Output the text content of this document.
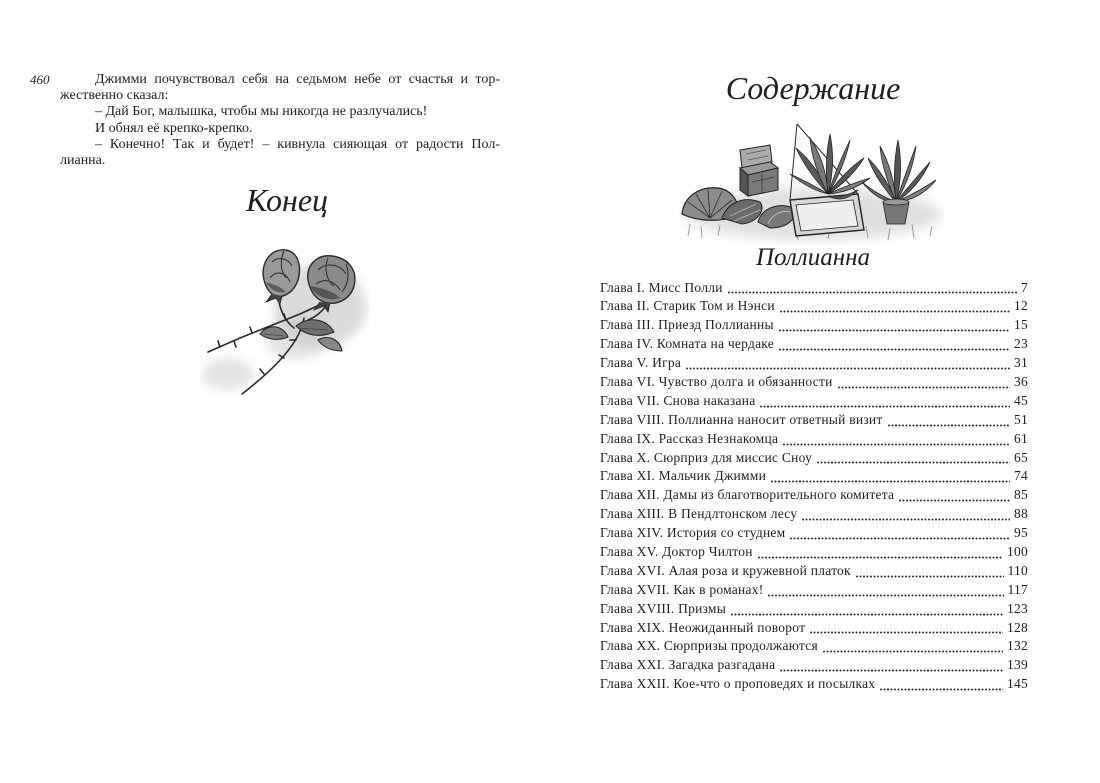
460	Джимми почувствовал себя на седьмом небе от счастья и тор-
жественно сказал:
– Дай Бог, малышка, чтобы мы никогда не разлучались!
И обнял её крепко-крепко.
– Конечно! Так и будет! – кивнула сияющая от радости Пол-
лианна.
Конец
Содержание
Поллианна
Глава I. Мисс Полли	7
Глава II. Старик Том и Нэнси	12
Глава III. Приезд Поллианны	15
Глава IV. Комната на чердаке	23
Глава V. Игра	31
Глава VI. Чувство долга и обязанности	36
Глава VII. Снова наказана	45
Глава VIII. Поллианна наносит ответный визит	51
Глава IX. Рассказ Незнакомца	61
Глава X. Сюрприз для миссис Сноу	65
Глава XI. Мальчик Джимми	74
Глава XII. Дамы из благотворительного комитета	85
Глава XIII. В Пендлтонском лесу	88
Глава XIV. История со студнем	95
Глава XV. Доктор Чилтон	100
Глава XVI. Алая роза и кружевной платок	110
Глава XVII. Как в романах!	117
Глава XVIII. Призмы	123
Глава XIX. Неожиданный поворот	128
Глава XX. Сюрпризы продолжаются	132
Глава XXI. Загадка разгадана	139
Глава XXII. Кое-что о проповедях и посылках	145
